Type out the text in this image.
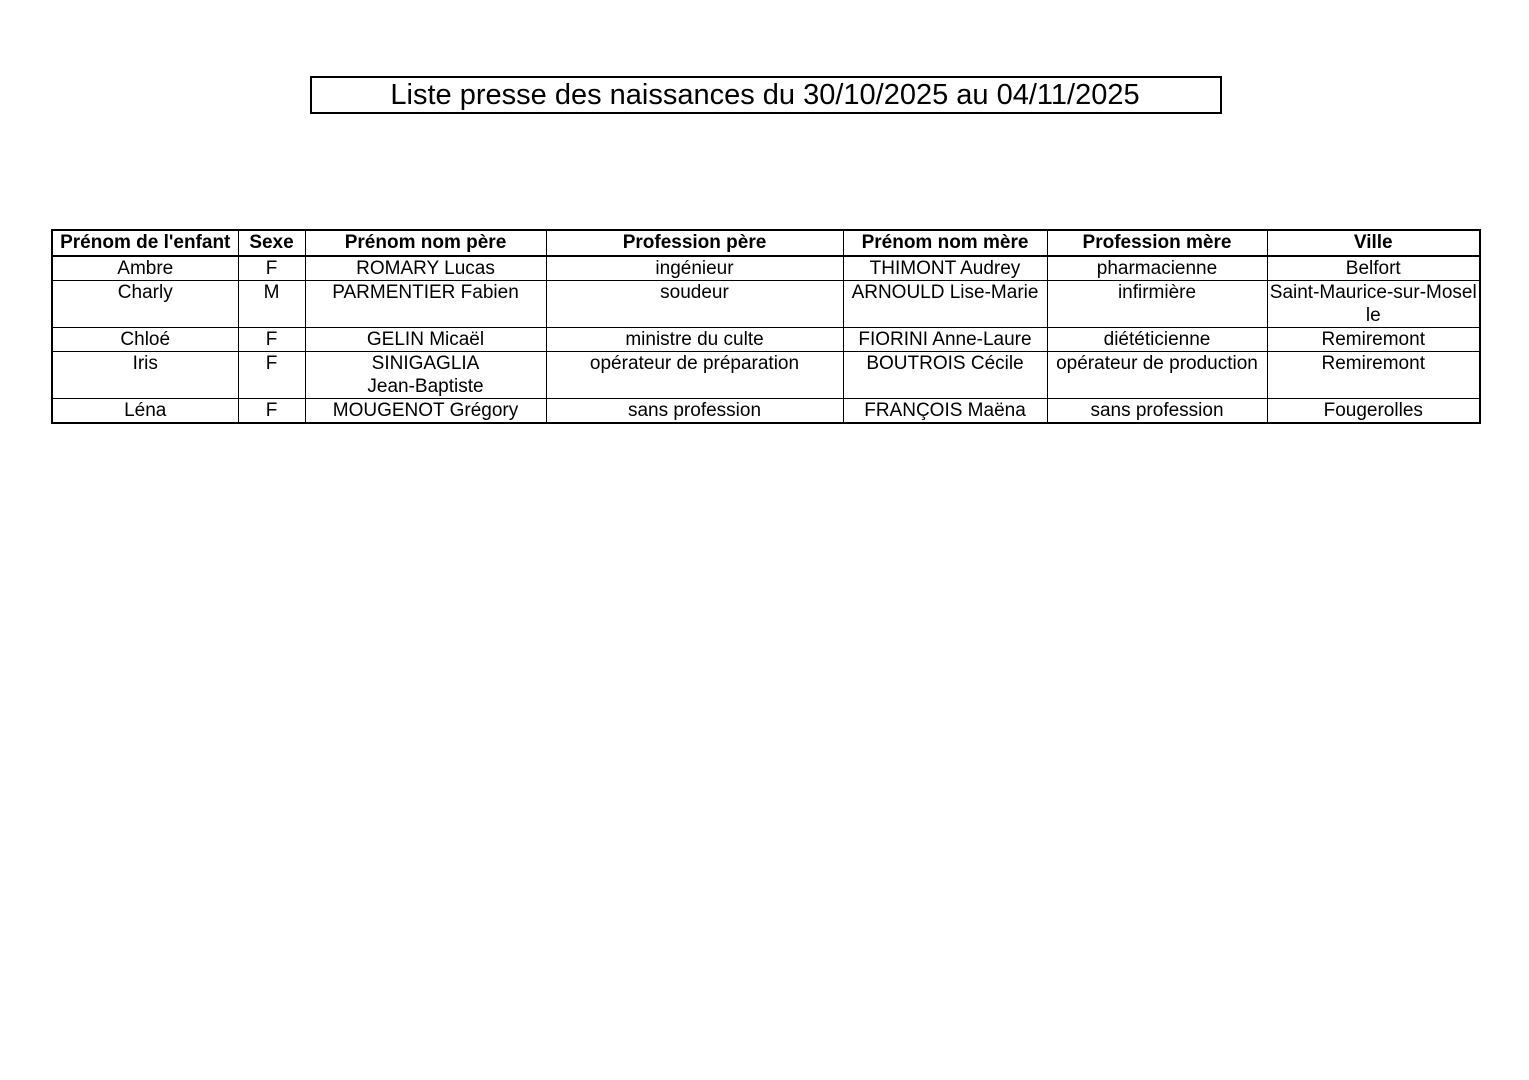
Liste presse des naissances du 30/10/2025 au 04/11/2025
Prénom de l'enfant	Sexe	Prénom nom père	Profession père	Prénom nom mère	Profession mère	Ville
Ambre	F	ROMARY Lucas	ingénieur	THIMONT Audrey	pharmacienne	Belfort
Charly	M	PARMENTIER Fabien	soudeur	ARNOULD Lise-Marie	infirmière	Saint-Maurice-sur-Moselle
Chloé	F	GELIN Micaël	ministre du culte	FIORINI Anne-Laure	diététicienne	Remiremont
Iris	F	SINIGAGLIA Jean-Baptiste	opérateur de préparation	BOUTROIS Cécile	opérateur de production	Remiremont
Léna	F	MOUGENOT Grégory	sans profession	FRANÇOIS Maëna	sans profession	Fougerolles
